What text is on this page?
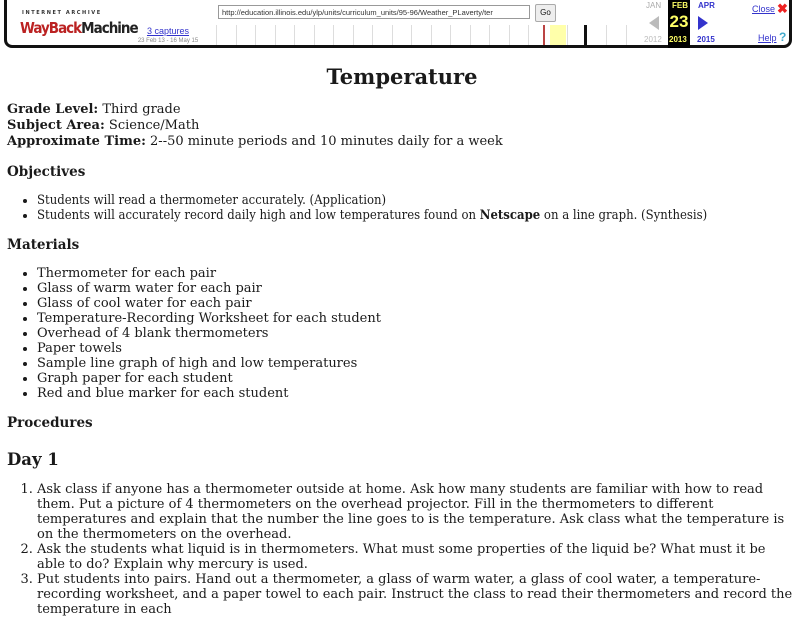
INTERNET ARCHIVE
WayBackMachine	3 captures
23 Feb 13 - 16 May 15
http://education.illinois.edu/ylp/units/curriculum_units/95-96/Weather_PLaverty/ter	Go
JAN FEB APR
23
2012 2013 2015
Close ✖
Help ?
Temperature
Grade Level: Third grade
Subject Area: Science/Math
Approximate Time: 2--50 minute periods and 10 minutes daily for a week
Objectives
• Students will read a thermometer accurately. (Application)
• Students will accurately record daily high and low temperatures found on Netscape on a line graph. (Synthesis)
Materials
• Thermometer for each pair
• Glass of warm water for each pair
• Glass of cool water for each pair
• Temperature-Recording Worksheet for each student
• Overhead of 4 blank thermometers
• Paper towels
• Sample line graph of high and low temperatures
• Graph paper for each student
• Red and blue marker for each student
Procedures
Day 1
1. Ask class if anyone has a thermometer outside at home. Ask how many students are familiar with how to read them. Put a picture of 4 thermometers on the overhead projector. Fill in the thermometers to different temperatures and explain that the number the line goes to is the temperature. Ask class what the temperature is on the thermometers on the overhead.
2. Ask the students what liquid is in thermometers. What must some properties of the liquid be? What must it be able to do? Explain why mercury is used.
3. Put students into pairs. Hand out a thermometer, a glass of warm water, a glass of cool water, a temperature-recording worksheet, and a paper towel to each pair. Instruct the class to read their thermometers and record the temperature in each
